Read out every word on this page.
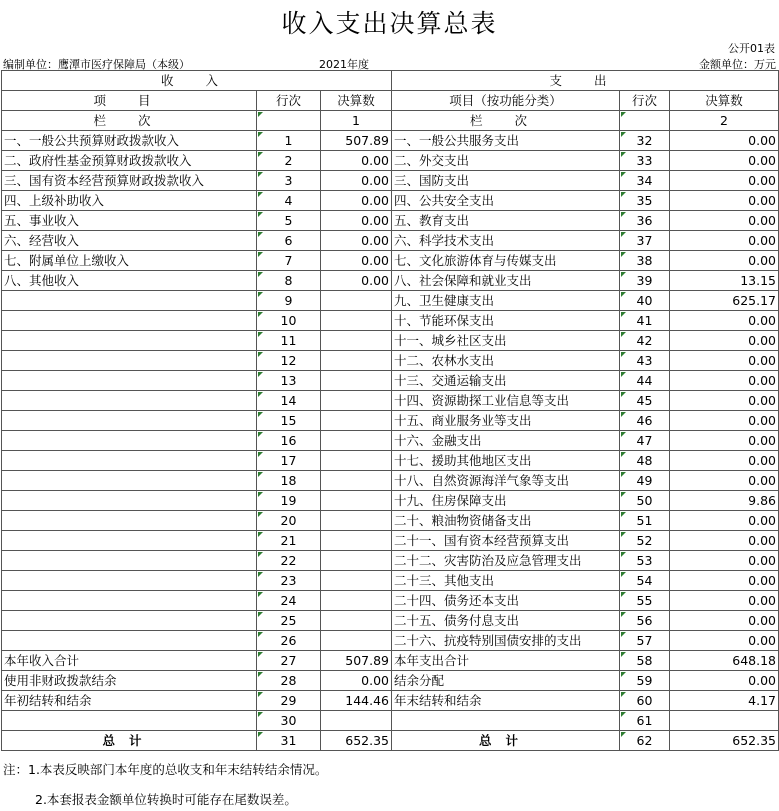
收入支出决算总表
公开01表
编制单位：鹰潭市医疗保障局（本级）	2021年度	金额单位：万元
收 入			支 出		
项 目	行次	决算数	项目（按功能分类）	行次	决算数
栏 次		1	栏 次		2
一、一般公共预算财政拨款收入	1	507.89	一、一般公共服务支出	32	0.00
二、政府性基金预算财政拨款收入	2	0.00	二、外交支出	33	0.00
三、国有资本经营预算财政拨款收入	3	0.00	三、国防支出	34	0.00
四、上级补助收入	4	0.00	四、公共安全支出	35	0.00
五、事业收入	5	0.00	五、教育支出	36	0.00
六、经营收入	6	0.00	六、科学技术支出	37	0.00
七、附属单位上缴收入	7	0.00	七、文化旅游体育与传媒支出	38	0.00
八、其他收入	8	0.00	八、社会保障和就业支出	39	13.15
	9		九、卫生健康支出	40	625.17
	10		十、节能环保支出	41	0.00
	11		十一、城乡社区支出	42	0.00
	12		十二、农林水支出	43	0.00
	13		十三、交通运输支出	44	0.00
	14		十四、资源勘探工业信息等支出	45	0.00
	15		十五、商业服务业等支出	46	0.00
	16		十六、金融支出	47	0.00
	17		十七、援助其他地区支出	48	0.00
	18		十八、自然资源海洋气象等支出	49	0.00
	19		十九、住房保障支出	50	9.86
	20		二十、粮油物资储备支出	51	0.00
	21		二十一、国有资本经营预算支出	52	0.00
	22		二十二、灾害防治及应急管理支出	53	0.00
	23		二十三、其他支出	54	0.00
	24		二十四、债务还本支出	55	0.00
	25		二十五、债务付息支出	56	0.00
	26		二十六、抗疫特别国债安排的支出	57	0.00
本年收入合计	27	507.89	本年支出合计	58	648.18
使用非财政拨款结余	28	0.00	结余分配	59	0.00
年初结转和结余	29	144.46	年末结转和结余	60	4.17
	30			61	
总计	31	652.35	总计	62	652.35
注：1.本表反映部门本年度的总收支和年末结转结余情况。
2.本套报表金额单位转换时可能存在尾数误差。
